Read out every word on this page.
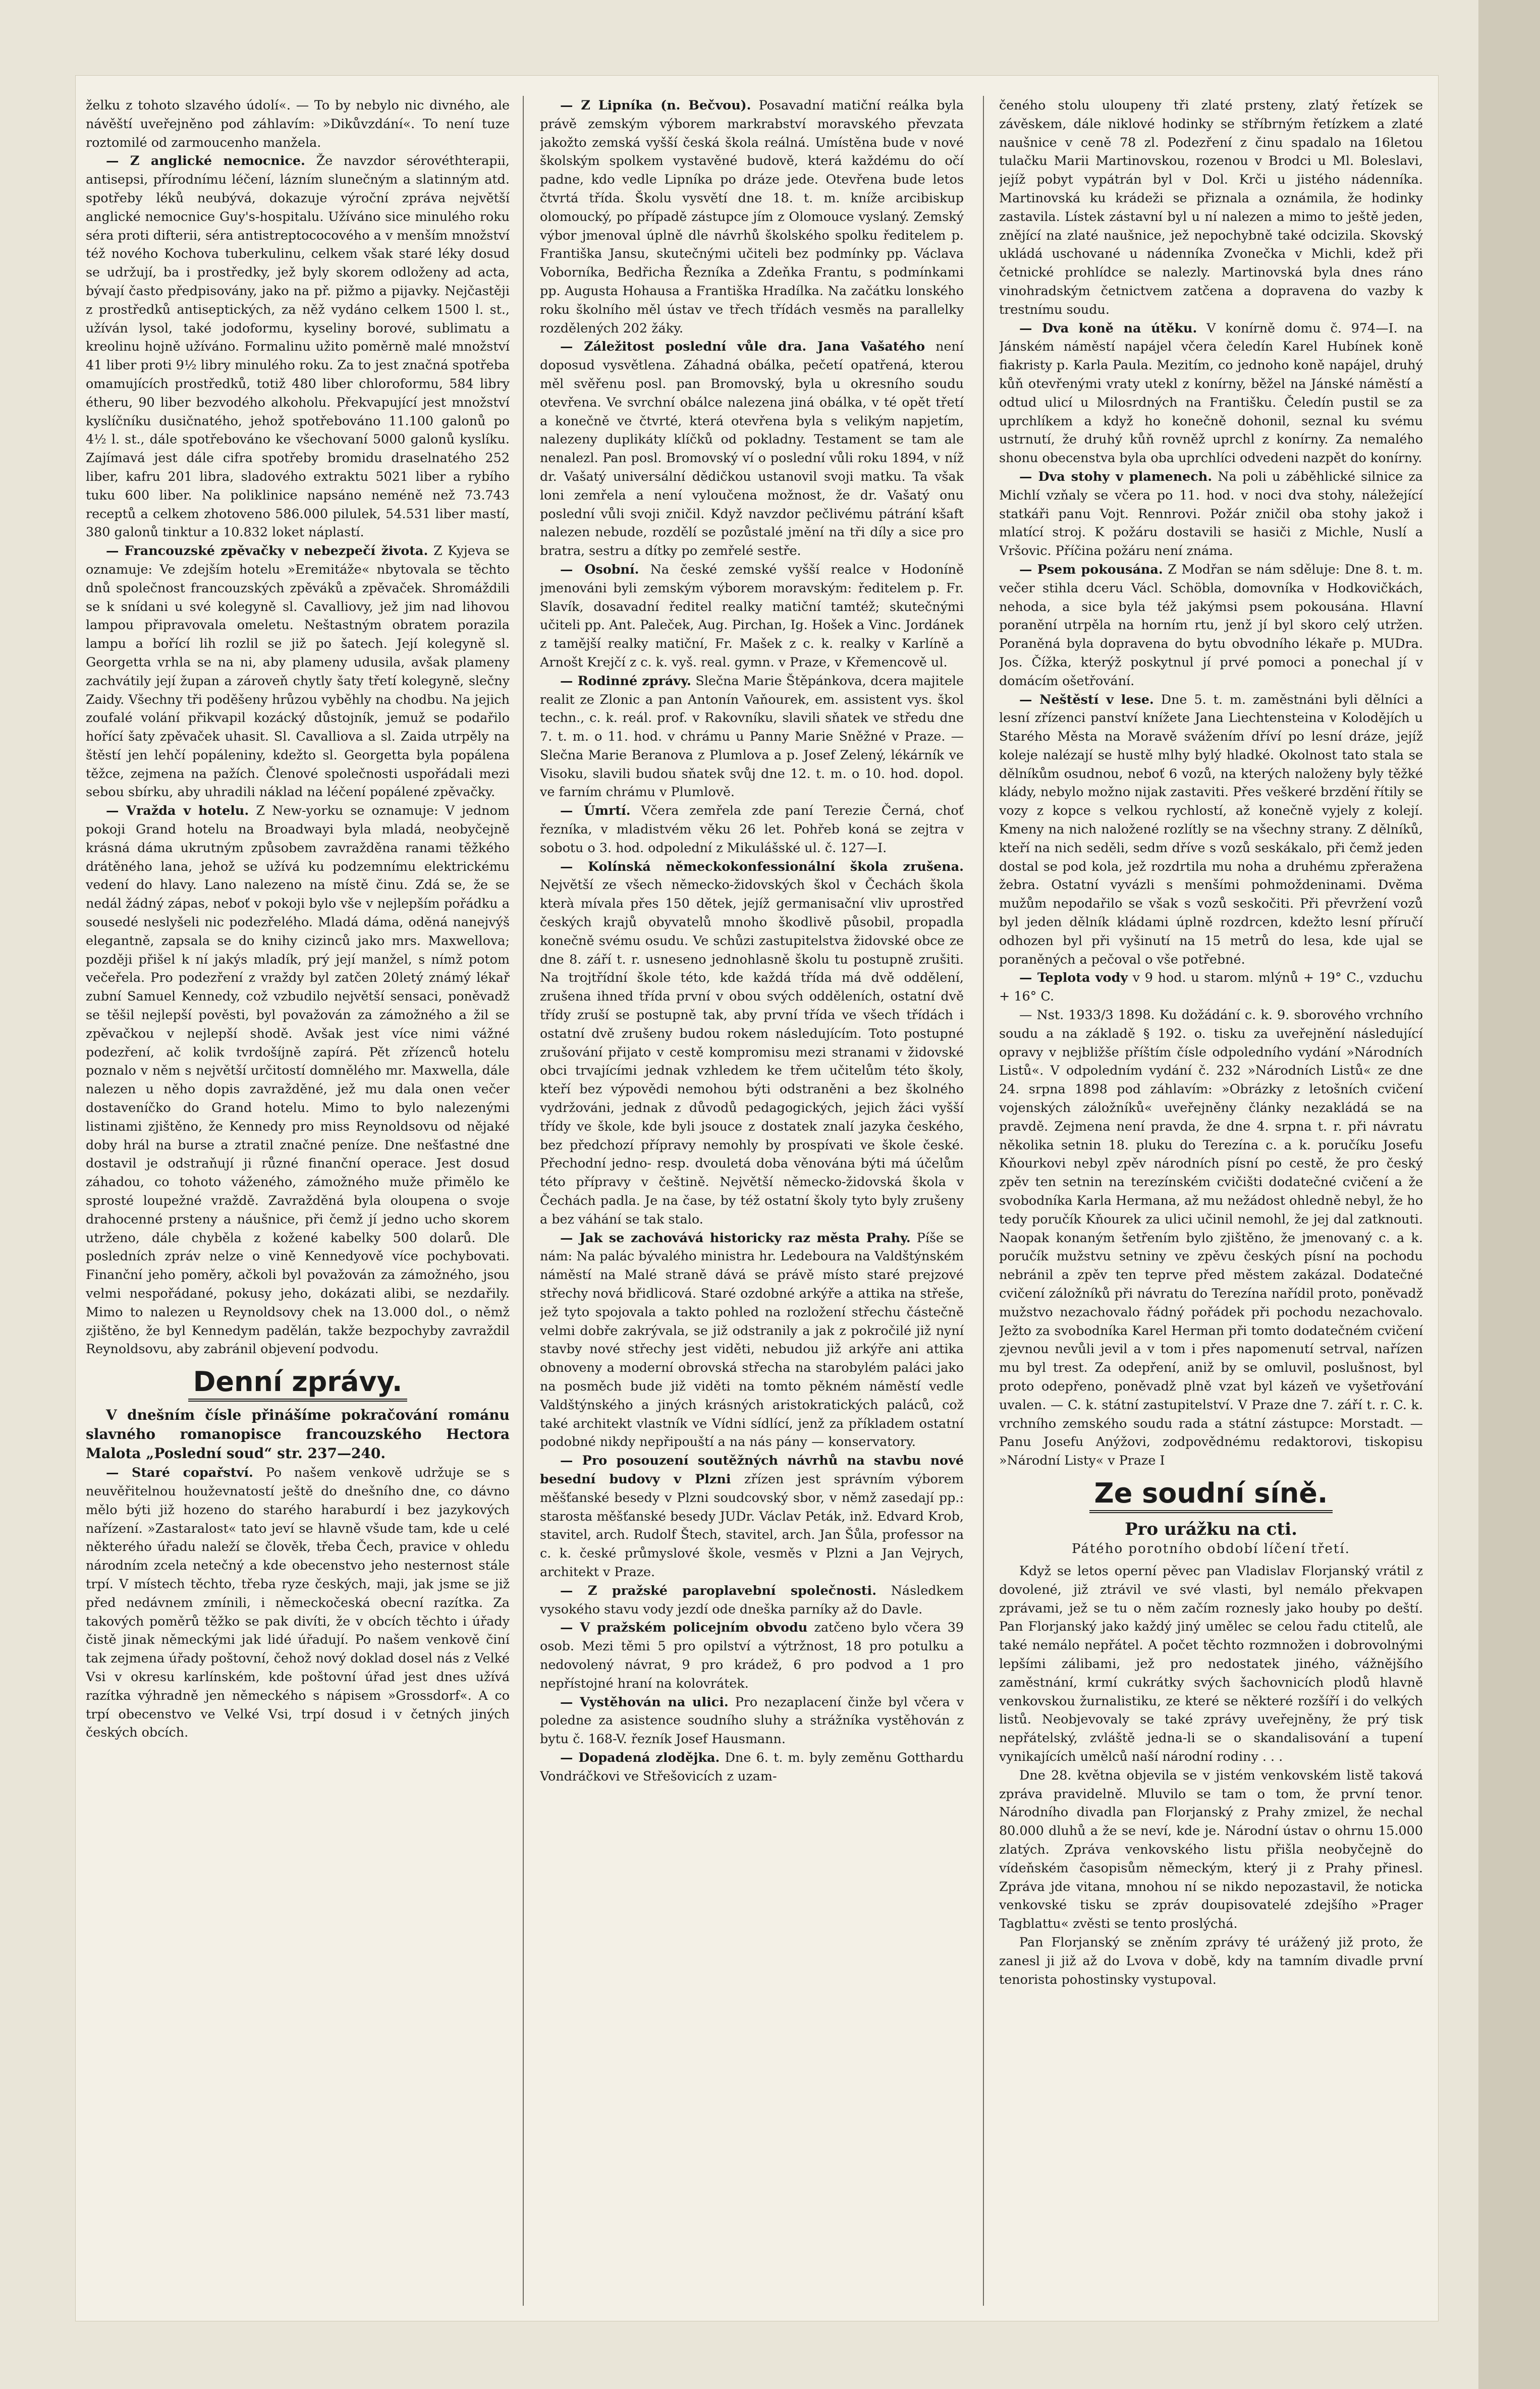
želku z tohoto slzavého údolí«. — To by nebylo nic divného, ale návěští uveřejněno pod záhlavím: »Dikůvzdání«. To není tuze roztomilé od zarmoucenho manžela.

— Z anglické nemocnice. Že navzdor sérovéthterapii, antisepsi, přírodnímu léčení, lázním slunečným a slatinným atd. spotřeby léků neubývá, dokazuje výroční zpráva největší anglické nemocnice Guy's-hospitalu. Užíváno sice minulého roku séra proti difterii, séra antistreptococového a v menším množství též nového Kochova tuberkulinu, celkem však staré léky dosud se udržují, ba i prostředky, jež byly skorem odloženy ad acta, bývají často předpisovány, jako na př. pižmo a pijavky. Nejčastěji z prostředků antiseptických, za něž vydáno celkem 1500 l. st., užíván lysol, také jodoformu, kyseliny borové, sublimatu a kreolinu hojně užíváno. Formalinu užito poměrně malé množství 41 liber proti 9½ libry minulého roku. Za to jest značná spotřeba omamujících prostředků, totiž 480 liber chloroformu, 584 libry étheru, 90 liber bezvodého alkoholu. Překvapující jest množství kyslíčníku dusičnatého, jehož spotřebováno 11.100 galonů po 4½ l. st., dále spotřebováno ke všechovaní 5000 galonů kyslíku. Zajímavá jest dále cifra spotřeby bromidu draselnatého 252 liber, kafru 201 libra, sladového extraktu 5021 liber a rybího tuku 600 liber. Na poliklinice napsáno neméně než 73.743 receptů a celkem zhotoveno 586.000 pilulek, 54.531 liber mastí, 380 galonů tinktur a 10.832 loket náplastí.

— Francouzské zpěvačky v nebezpečí života. Z Kyjeva se oznamuje: Ve zdejším hotelu »Eremitáže« nbytovala se těchto dnů společnost francouzských zpěváků a zpěvaček. Shromáždili se k snídani u své kolegyně sl. Cavalliovy, jež jim nad lihovou lampou připravovala omeletu. Neštastným obratem porazila lampu a bořící lih rozlil se již po šatech. Její kolegyně sl. Georgetta vrhla se na ni, aby plameny udusila, avšak plameny zachvátily její župan a zároveň chytly šaty třetí kolegyně, slečny Zaidy. Všechny tři poděšeny hrůzou vyběhly na chodbu. Na jejich zoufalé volání přikvapil kozácký důstojník, jemuž se podařilo hořící šaty zpěvaček uhasit. Sl. Cavalliova a sl. Zaida utrpěly na štěstí jen lehčí popáleniny, kdežto sl. Georgetta byla popálena těžce, zejmena na pažích. Členové společnosti uspořádali mezi sebou sbírku, aby uhradili náklad na léčení popálené zpěvačky.

— Vražda v hotelu. Z New-yorku se oznamuje: V jednom pokoji Grand hotelu na Broadwayi byla mladá, neobyčejně krásná dáma ukrutným způsobem zavražděna ranami těžkého drátěného lana, jehož se užívá ku podzemnímu elektrickému vedení do hlavy. Lano nalezeno na místě činu. Zdá se, že se nedál žádný zápas, neboť v pokoji bylo vše v nejlepším pořádku a sousedé neslyšeli nic podezřelého. Mladá dáma, oděná nanejvýš elegantně, zapsala se do knihy cizinců jako mrs. Maxwellova; později přišel k ní jakýs mladík, prý její manžel, s nímž potom večeřela. Pro podezření z vraždy byl zatčen 20letý známý lékař zubní Samuel Kennedy, což vzbudilo největší sensaci, poněvadž se těšil nejlepší pověsti, byl považován za zámožného a žil se zpěvačkou v nejlepší shodě. Avšak jest více nimi vážné podezření, ač kolik tvrdošíjně zapírá. Pět zřízenců hotelu poznalo v něm s největší určitostí domnělého mr. Maxwella, dále nalezen u něho dopis zavražděné, jež mu dala onen večer dostaveníčko do Grand hotelu. Mimo to bylo nalezenými listinami zjištěno, že Kennedy pro miss Reynoldsovu od nějaké doby hrál na burse a ztratil značné peníze. Dne nešťastné dne dostavil je odstraňují ji různé finanční operace. Jest dosud záhadou, co tohoto váženého, zámožného muže přimělo ke sprosté loupežné vraždě. Zavražděná byla oloupena o svoje drahocenné prsteny a náušnice, při čemž jí jedno ucho skorem utrženo, dále chyběla z kožené kabelky 500 dolarů. Dle posledních zpráv nelze o vině Kennedyově více pochybovati. Finanční jeho poměry, ačkoli byl považován za zámožného, jsou velmi nespořádané, pokusy jeho, dokázati alibi, se nezdařily. Mimo to nalezen u Reynoldsovy chek na 13.000 dol., o němž zjištěno, že byl Kennedym padělán, takže bezpochyby zavraždil Reynoldsovu, aby zabránil objevení podvodu.

Denní zprávy.

V dnešním čísle přinášíme pokračování románu slavného romanopisce francouzského Hectora Malota „Poslední soud“ str. 237—240.

— Staré copařství. Po našem venkově udržuje se s neuvěřitelnou houževnatostí ještě do dnešního dne, co dávno mělo býti již hozeno do starého haraburdí i bez jazykových nařízení. »Zastaralost« tato jeví se hlavně všude tam, kde u celé některého úřadu naleží se člověk, třeba Čech, pravice v ohledu národním zcela netečný a kde obecenstvo jeho nesternost stále trpí. V místech těchto, třeba ryze českých, maji, jak jsme se již před nedávnem zmínili, i německočeská obecní razítka. Za takových poměrů těžko se pak divíti, že v obcích těchto i úřady čistě jinak německými jak lidé úřadují. Po našem venkově činí tak zejmena úřady poštovní, čehož nový doklad dosel nás z Velké Vsi v okresu karlínském, kde poštovní úřad jest dnes užívá razítka výhradně jen německého s nápisem »Grossdorf«. A co trpí obecenstvo ve Velké Vsi, trpí dosud i v četných jiných českých obcích.

— Z Lipníka (n. Bečvou). Posavadní matiční reálka byla právě zemským výborem markrabství moravského převzata jakožto zemská vyšší česká škola reálná. Umístěna bude v nové školským spolkem vystavěné budově, která každému do očí padne, kdo vedle Lipníka po dráze jede. Otevřena bude letos čtvrtá třída. Školu vysvětí dne 18. t. m. kníže arcibiskup olomoucký, po případě zástupce jím z Olomouce vyslaný. Zemský výbor jmenoval úplně dle návrhů školského spolku ředitelem p. Františka Jansu, skutečnými učiteli bez podmínky pp. Václava Voborníka, Bedřicha Řezníka a Zdeňka Frantu, s podmínkami pp. Augusta Hohausa a Františka Hradílka. Na začátku lonského roku školního měl ústav ve třech třídách vesměs na parallelky rozdělených 202 žáky.

— Záležitost poslední vůle dra. Jana Vašatého není doposud vysvětlena. Záhadná obálka, pečetí opatřená, kterou měl svěřenu posl. pan Bromovský, byla u okresního soudu otevřena. Ve svrchní obálce nalezena jiná obálka, v té opět třetí a konečně ve čtvrté, která otevřena byla s velikým napjetím, nalezeny duplikáty klíčků od pokladny. Testament se tam ale nenalezl. Pan posl. Bromovský ví o poslední vůli roku 1894, v níž dr. Vašatý universální dědičkou ustanovil svoji matku. Ta však loni zemřela a není vyloučena možnost, že dr. Vašatý onu poslední vůli svoji zničil. Když navzdor pečlivému pátrání kšaft nalezen nebude, rozdělí se pozůstalé jmění na tři díly a sice pro bratra, sestru a dítky po zemřelé sestře.

— Osobní. Na české zemské vyšší realce v Hodoníně jmenováni byli zemským výborem moravským: ředitelem p. Fr. Slavík, dosavadní ředitel realky matiční tamtéž; skutečnými učiteli pp. Ant. Paleček, Aug. Pirchan, Ig. Hošek a Vinc. Jordánek z tamější realky matiční, Fr. Mašek z c. k. realky v Karlíně a Arnošt Krejčí z c. k. vyš. real. gymn. v Praze, v Křemencově ul.

— Rodinné zprávy. Slečna Marie Štěpánkova, dcera majitele realit ze Zlonic a pan Antonín Vaňourek, em. assistent vys. škol techn., c. k. reál. prof. v Rakovníku, slavili sňatek ve středu dne 7. t. m. o 11. hod. v chrámu u Panny Marie Sněžné v Praze. — Slečna Marie Beranova z Plumlova a p. Josef Zelený, lékárník ve Visoku, slavili budou sňatek svůj dne 12. t. m. o 10. hod. dopol. ve farním chrámu v Plumlově.

— Úmrtí. Včera zemřela zde paní Terezie Černá, choť řezníka, v mladistvém věku 26 let. Pohřeb koná se zejtra v sobotu o 3. hod. odpolední z Mikulášské ul. č. 127—I.

— Kolínská německokonfessionální škola zrušena. Největší ze všech německo-židovských škol v Čechách škola kterà mívala přes 150 dětek, jejíž germanisační vliv uprostřed českých krajů obyvatelů mnoho škodlivě působil, propadla konečně svému osudu. Ve schůzi zastupitelstva židovské obce ze dne 8. září t. r. usneseno jednohlasně školu tu postupně zrušiti. Na trojtřídní škole této, kde každá třída má dvě oddělení, zrušena ihned třída první v obou svých odděleních, ostatní dvě třídy zruší se postupně tak, aby první třída ve všech třídách i ostatní dvě zrušeny budou rokem následujícím. Toto postupné zrušování přijato v cestě kompromisu mezi stranami v židovské obci trvajícími jednak vzhledem ke třem učitelům této školy, kteří bez výpovědi nemohou býti odstraněni a bez školného vydržováni, jednak z důvodů pedagogických, jejich žáci vyšší třídy ve škole, kde byli jsouce z dostatek znalí jazyka českého, bez předchozí přípravy nemohly by prospívati ve škole české. Přechodní jedno- resp. dvouletá doba věnována býti má účelům této přípravy v češtině. Největší německo-židovská škola v Čechách padla. Je na čase, by též ostatní školy tyto byly zrušeny a bez váhání se tak stalo.

— Jak se zachovává historicky raz města Prahy. Píše se nám: Na palác bývalého ministra hr. Ledeboura na Valdštýnském náměstí na Malé straně dává se právě místo staré prejzové střechy nová břidlicová. Staré ozdobné arkýře a attika na střeše, jež tyto spojovala a takto pohled na rozložení střechu částečně velmi dobře zakrývala, se již odstranily a jak z pokročilé již nyní stavby nové střechy jest viděti, nebudou již arkýře ani attika obnoveny a moderní obrovská střecha na starobylém paláci jako na posměch bude již viděti na tomto pěkném náměstí vedle Valdštýnského a jiných krásných aristokratických paláců, což také architekt vlastník ve Vídni sídlící, jenž za příkladem ostatní podobné nikdy nepřipouští a na nás pány — konservatory.

— Pro posouzení soutěžných návrhů na stavbu nové besední budovy v Plzni zřízen jest správním výborem měšťanské besedy v Plzni soudcovský sbor, v němž zasedají pp.: starosta měšťanské besedy JUDr. Václav Peták, inž. Edvard Krob, stavitel, arch. Rudolf Štech, stavitel, arch. Jan Šůla, professor na c. k. české průmyslové škole, vesměs v Plzni a Jan Vejrych, architekt v Praze.

— Z pražské paroplavební společnosti. Následkem vysokého stavu vody jezdí ode dneška parníky až do Davle.

— V pražském policejním obvodu zatčeno bylo včera 39 osob. Mezi těmi 5 pro opilství a výtržnost, 18 pro potulku a nedovolený návrat, 9 pro krádež, 6 pro podvod a 1 pro nepřístojné hraní na kolovrátek.

— Vystěhován na ulici. Pro nezaplacení činže byl včera v poledne za asistence soudního sluhy a strážníka vystěhován z bytu č. 168-V. řezník Josef Hausmann.

— Dopadená zlodějka. Dne 6. t. m. byly zeměnu Gotthardu Vondráčkovi ve Střešovicích z uzam-

čeného stolu uloupeny tři zlaté prsteny, zlatý řetízek se závěskem, dále niklové hodinky se stříbrným řetízkem a zlaté naušnice v ceně 78 zl. Podezření z činu spadalo na 16letou tulačku Marii Martinovskou, rozenou v Brodci u Ml. Boleslavi, jejíž pobyt vypátrán byl v Dol. Krči u jistého nádenníka. Martinovská ku krádeži se přiznala a oznámila, že hodinky zastavila. Lístek zástavní byl u ní nalezen a mimo to ještě jeden, znějící na zlaté naušnice, jež nepochybně také odcizila. Skovský ukládá uschované u nádenníka Zvonečka v Michli, kdež při četnické prohlídce se nalezly. Martinovská byla dnes ráno vinohradským četnictvem zatčena a dopravena do vazby k trestnímu soudu.

— Dva koně na útěku. V konírně domu č. 974—I. na Jánském náměstí napájel včera čeledín Karel Hubínek koně fiakristy p. Karla Paula. Mezitím, co jednoho koně napájel, druhý kůň otevřenými vraty utekl z konírny, běžel na Jánské náměstí a odtud ulicí u Milosrdných na Františku. Čeledín pustil se za uprchlíkem a když ho konečně dohonil, seznal ku svému ustrnutí, že druhý kůň rovněž uprchl z konírny. Za nemalého shonu obecenstva byla oba uprchlíci odvedeni nazpět do konírny.

— Dva stohy v plamenech. Na poli u záběhlické silnice za Michlí vzňaly se včera po 11. hod. v noci dva stohy, náležející statkáři panu Vojt. Rennrovi. Požár zničil oba stohy jakož i mlatící stroj. K požáru dostavili se hasiči z Michle, Nuslí a Vršovic. Příčina požáru není známa.

— Psem pokousána. Z Modřan se nám sděluje: Dne 8. t. m. večer stihla dceru Václ. Schöbla, domovníka v Hodkovičkách, nehoda, a sice byla též jakýmsi psem pokousána. Hlavní poranění utrpěla na horním rtu, jenž jí byl skoro celý utržen. Poraněná byla dopravena do bytu obvodního lékaře p. MUDra. Jos. Čížka, kterýž poskytnul jí prvé pomoci a ponechal jí v domácím ošetřování.

— Neštěstí v lese. Dne 5. t. m. zaměstnáni byli dělníci a lesní zřízenci panství knížete Jana Liechtensteina v Kolodějích u Starého Města na Moravě svážením dříví po lesní dráze, jejíž koleje nalézají se hustě mlhy bylý hladké. Okolnost tato stala se dělníkům osudnou, neboť 6 vozů, na kterých naloženy byly těžké klády, nebylo možno nijak zastaviti. Přes veškeré brzdění řítily se vozy z kopce s velkou rychlostí, až konečně vyjely z kolejí. Kmeny na nich naložené rozlítly se na všechny strany. Z dělníků, kteří na nich seděli, sedm dříve s vozů seskákalo, při čemž jeden dostal se pod kola, jež rozdrtila mu noha a druhému zpřeražena žebra. Ostatní vyvázli s menšími pohmoždeninami. Dvěma mužům nepodařilo se však s vozů seskočiti. Při převržení vozů byl jeden dělník kládami úplně rozdrcen, kdežto lesní příručí odhozen byl při vyšinutí na 15 metrů do lesa, kde ujal se poraněných a pečoval o vše potřebné.

— Teplota vody v 9 hod. u starom. mlýnů + 19° C., vzduchu + 16° C.

— Nst. 1933/3 1898. Ku dožádání c. k. 9. sborového vrchního soudu a na základě § 192. o. tisku za uveřejnění následující opravy v nejbližše příštím čísle odpoledního vydání »Národních Listů«. V odpoledním vydání č. 232 »Národních Listů« ze dne 24. srpna 1898 pod záhlavím: »Obrázky z letošních cvičení vojenských záložníků« uveřejněny články nezakládá se na pravdě. Zejmena není pravda, že dne 4. srpna t. r. při návratu několika setnin 18. pluku do Terezína c. a k. poručíku Josefu Kňourkovi nebyl zpěv národních písní po cestě, že pro český zpěv ten setnin na terezínském cvičišti dodatečné cvičení a že svobodníka Karla Hermana, až mu nežádost ohledně nebyl, že ho tedy poručík Kňourek za ulici učinil nemohl, že jej dal zatknouti. Naopak konaným šetřením bylo zjištěno, že jmenovaný c. a k. poručík mužstvu setniny ve zpěvu českých písní na pochodu nebránil a zpěv ten teprve před městem zakázal. Dodatečné cvičení záložníků při návratu do Terezína nařídil proto, poněvadž mužstvo nezachovalo řádný pořádek při pochodu nezachovalo. Ježto za svobodníka Karel Herman při tomto dodatečném cvičení zjevnou nevůli jevil a v tom i přes napomenutí setrval, nařízen mu byl trest. Za odepření, aniž by se omluvil, poslušnost, byl proto odepřeno, poněvadž plně vzat byl kázeň ve vyšetřování uvalen. — C. k. státní zastupitelství. V Praze dne 7. září t. r. C. k. vrchního zemského soudu rada a státní zástupce: Morstadt. — Panu Josefu Anýžovi, zodpovědnému redaktorovi, tiskopisu »Národní Listy« v Praze I

Ze soudní síně.
Pro urážku na cti.
Pátého porotního období líčení třetí.

Když se letos operní pěvec pan Vladislav Florjanský vrátil z dovolené, již ztrávil ve své vlasti, byl nemálo překvapen zprávami, jež se tu o něm začím roznesly jako houby po deští. Pan Florjanský jako každý jiný umělec se celou řadu ctitelů, ale také nemálo nepřátel. A počet těchto rozmnožen i dobrovolnými lepšími zálibami, jež pro nedostatek jiného, vážnějšího zaměstnání, krmí cukrátky svých šachovnicích plodů hlavně venkovskou žurnalistiku, ze které se některé rozšíří i do velkých listů. Neobjevovaly se také zprávy uveřejněny, že prý tisk nepřátelský, zvláště jedna-li se o skandalisování a tupení vynikajících umělců naší národní rodiny . . .

Dne 28. května objevila se v jistém venkovském listě taková zpráva pravidelně. Mluvilo se tam o tom, že první tenor. Národního divadla pan Florjanský z Prahy zmizel, že nechal 80.000 dluhů a že se neví, kde je. Národní ústav o ohrnu 15.000 zlatých. Zpráva venkovského listu přišla neobyčejně do vídeňském časopisům německým, který ji z Prahy přinesl. Zpráva jde vitana, mnohou ní se nikdo nepozastavil, že noticka venkovské tisku se zpráv doupisovatelé zdejšího »Prager Tagblattu« zvěsti se tento proslýchá.

Pan Florjanský se zněním zprávy té urážený již proto, že zanesl ji již až do Lvova v době, kdy na tamním divadle první tenorista pohostinsky vystupoval.
